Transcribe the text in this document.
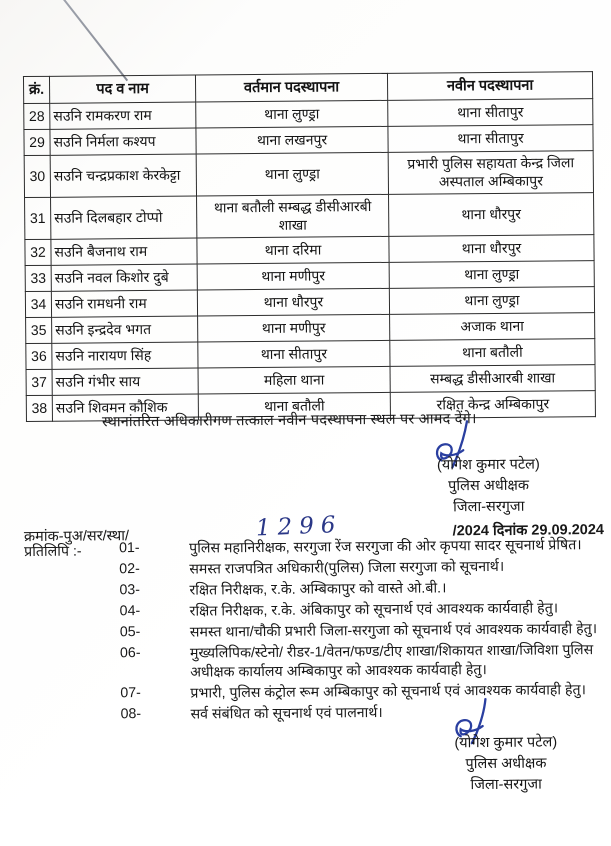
क्रं.	पद व नाम	वर्तमान पदस्थापना	नवीन पदस्थापना
28	सउनि रामकरण राम	थाना लुण्ड्रा	थाना सीतापुर
29	सउनि निर्मला कश्यप	थाना लखनपुर	थाना सीतापुर
30	सउनि चन्द्रप्रकाश केरकेट्टा	थाना लुण्ड्रा	प्रभारी पुलिस सहायता केन्द्र जिला अस्पताल अम्बिकापुर
31	सउनि दिलबहार टोप्पो	थाना बतौली सम्बद्ध डीसीआरबी शाखा	थाना धौरपुर
32	सउनि बैजनाथ राम	थाना दरिमा	थाना धौरपुर
33	सउनि नवल किशोर दुबे	थाना मणीपुर	थाना लुण्ड्रा
34	सउनि रामधनी राम	थाना धौरपुर	थाना लुण्ड्रा
35	सउनि इन्द्रदेव भगत	थाना मणीपुर	अजाक थाना
36	सउनि नारायण सिंह	थाना सीतापुर	थाना बतौली
37	सउनि गंभीर साय	महिला थाना	सम्बद्ध डीसीआरबी शाखा
38	सउनि शिवमन कौशिक	थाना बतौली	रक्षित केन्द्र अम्बिकापुर
स्थानांतरित अधिकारीगण तत्काल नवीन पदस्थापना स्थल पर आमद देंगे।
(योगेश कुमार पटेल)
पुलिस अधीक्षक
जिला-सरगुजा
क्रमांक-पुअ/सर/स्था/	1296	/2024 दिनांक 29.09.2024
प्रतिलिपि :-	01-	पुलिस महानिरीक्षक, सरगुजा रेंज सरगुजा की ओर कृपया सादर सूचनार्थ प्रेषित।
02-	समस्त राजपत्रित अधिकारी(पुलिस) जिला सरगुजा को सूचनार्थ।
03-	रक्षित निरीक्षक, र.के. अम्बिकापुर को वास्ते ओ.बी.।
04-	रक्षित निरीक्षक, र.के. अंबिकापुर को सूचनार्थ एवं आवश्यक कार्यवाही हेतु।
05-	समस्त थाना/चौकी प्रभारी जिला-सरगुजा को सूचनार्थ एवं आवश्यक कार्यवाही हेतु।
06-	मुख्यलिपिक/स्टेनो/ रीडर-1/वेतन/फण्ड/टीए शाखा/शिकायत शाखा/जिविशा पुलिस अधीक्षक कार्यालय अम्बिकापुर को आवश्यक कार्यवाही हेतु।
07-	प्रभारी, पुलिस कंट्रोल रूम अम्बिकापुर को सूचनार्थ एवं आवश्यक कार्यवाही हेतु।
08-	सर्व संबंधित को सूचनार्थ एवं पालनार्थ।
(योगेश कुमार पटेल)
पुलिस अधीक्षक
जिला-सरगुजा
